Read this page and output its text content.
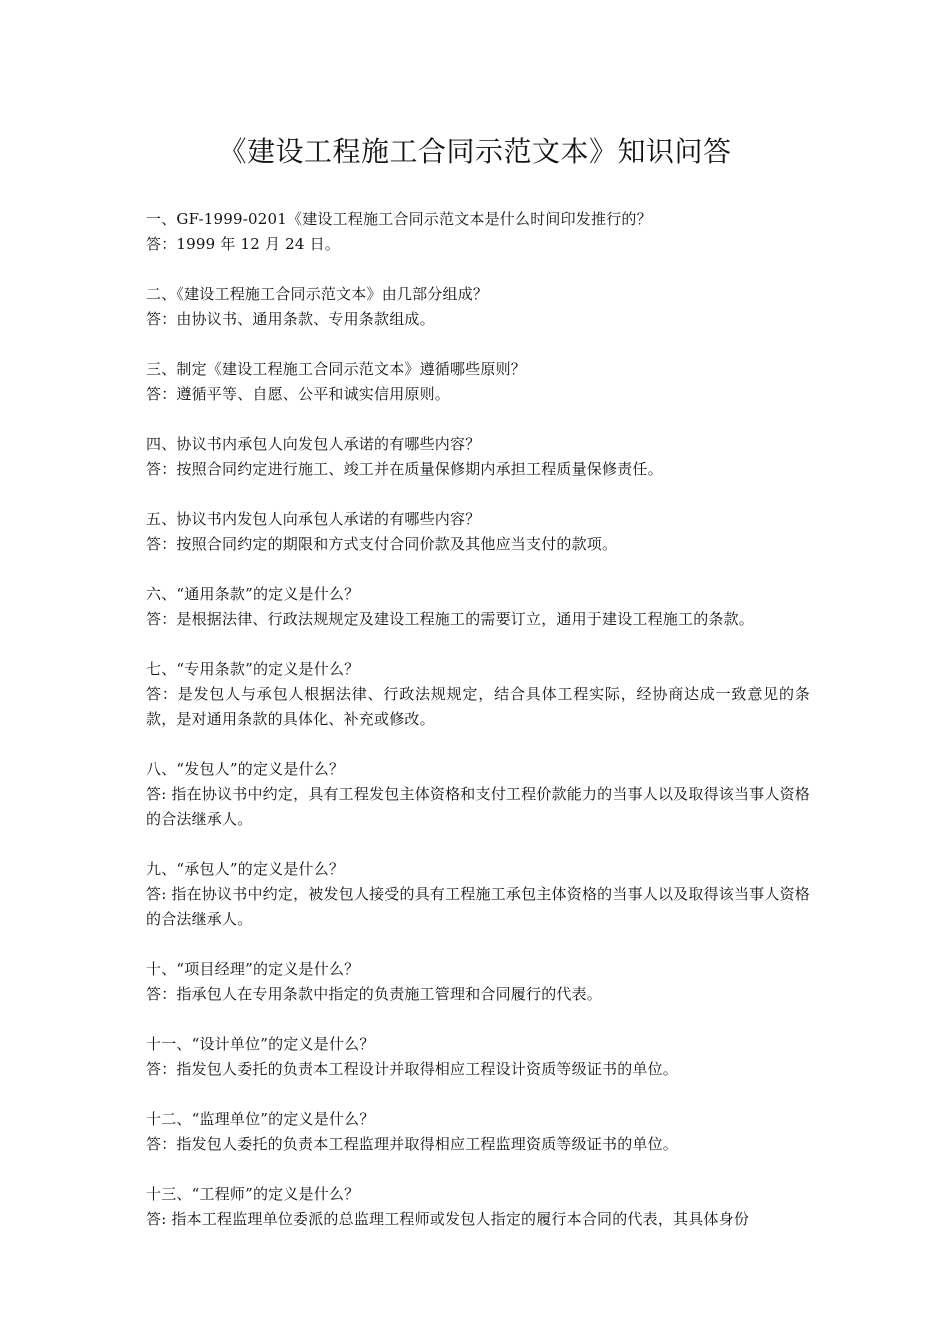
《建设工程施工合同示范文本》知识问答

一、GF-1999-0201《建设工程施工合同示范文本是什么时间印发推行的？

答：1999 年 12 月 24 日。

二、《建设工程施工合同示范文本》由几部分组成？

答：由协议书、通用条款、专用条款组成。

三、制定《建设工程施工合同示范文本》遵循哪些原则？

答：遵循平等、自愿、公平和诚实信用原则。

四、协议书内承包人向发包人承诺的有哪些内容？

答：按照合同约定进行施工、竣工并在质量保修期内承担工程质量保修责任。

五、协议书内发包人向承包人承诺的有哪些内容？

答：按照合同约定的期限和方式支付合同价款及其他应当支付的款项。

六、“通用条款”的定义是什么？

答：是根据法律、行政法规规定及建设工程施工的需要订立，通用于建设工程施工的条款。

七、“专用条款”的定义是什么？

答：是发包人与承包人根据法律、行政法规规定，结合具体工程实际，经协商达成一致意见的条款，是对通用条款的具体化、补充或修改。

八、“发包人”的定义是什么？

答: 指在协议书中约定，具有工程发包主体资格和支付工程价款能力的当事人以及取得该当事人资格的合法继承人。

九、“承包人”的定义是什么？

答: 指在协议书中约定，被发包人接受的具有工程施工承包主体资格的当事人以及取得该当事人资格的合法继承人。

十、“项目经理”的定义是什么？

答：指承包人在专用条款中指定的负责施工管理和合同履行的代表。

十一、“设计单位”的定义是什么？

答：指发包人委托的负责本工程设计并取得相应工程设计资质等级证书的单位。

十二、“监理单位”的定义是什么？

答：指发包人委托的负责本工程监理并取得相应工程监理资质等级证书的单位。

十三、“工程师”的定义是什么？

答: 指本工程监理单位委派的总监理工程师或发包人指定的履行本合同的代表，其具体身份
